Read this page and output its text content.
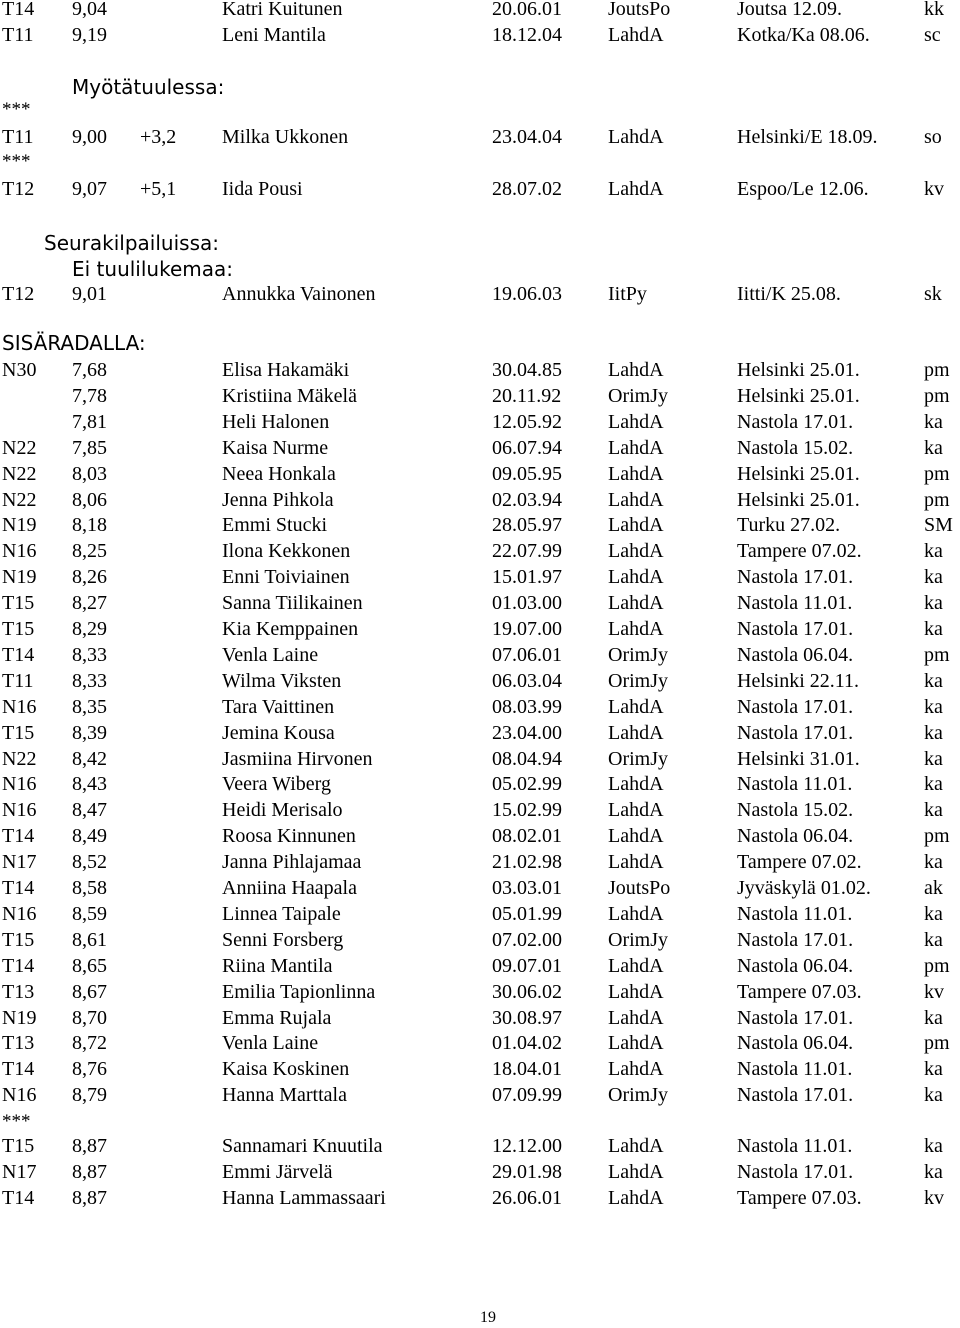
T14 9,04	Katri Kuitunen	20.06.01 JoutsPo	Joutsa 12.09.	kk
T11 9,19	Leni Mantila	18.12.04 LahdA	Kotka/Ka 08.06.	sc
Myötätuulessa:
***
T11 9,00 +3,2 Milka Ukkonen	23.04.04 LahdA	Helsinki/E 18.09. so
***
T12 9,07 +5,1 Iida Pousi	28.07.02 LahdA	Espoo/Le 12.06.	kv
Seurakilpailuissa:
Ei tuulilukemaa:
T12 9,01	Annukka Vainonen	19.06.03 IitPy	Iitti/K 25.08.	sk
SISÄRADALLA:
N30 7,68	Elisa Hakamäki	30.04.85 LahdA	Helsinki 25.01.	pm
7,78	Kristiina Mäkelä	20.11.92 OrimJy	Helsinki 25.01.	pm
7,81	Heli Halonen	12.05.92 LahdA	Nastola 17.01.	ka
N22 7,85	Kaisa Nurme	06.07.94 LahdA	Nastola 15.02.	ka
N22 8,03	Neea Honkala	09.05.95 LahdA	Helsinki 25.01.	pm
N22 8,06	Jenna Pihkola	02.03.94 LahdA	Helsinki 25.01.	pm
N19 8,18	Emmi Stucki	28.05.97 LahdA	Turku 27.02.	SM
N16 8,25	Ilona Kekkonen	22.07.99 LahdA	Tampere 07.02.	ka
N19 8,26	Enni Toiviainen	15.01.97 LahdA	Nastola 17.01.	ka
T15 8,27	Sanna Tiilikainen	01.03.00 LahdA	Nastola 11.01.	ka
T15 8,29	Kia Kemppainen	19.07.00 LahdA	Nastola 17.01.	ka
T14 8,33	Venla Laine	07.06.01 OrimJy	Nastola 06.04.	pm
T11 8,33	Wilma Viksten	06.03.04 OrimJy	Helsinki 22.11.	ka
N16 8,35	Tara Vaittinen	08.03.99 LahdA	Nastola 17.01.	ka
T15 8,39	Jemina Kousa	23.04.00 LahdA	Nastola 17.01.	ka
N22 8,42	Jasmiina Hirvonen	08.04.94 OrimJy	Helsinki 31.01.	ka
N16 8,43	Veera Wiberg	05.02.99 LahdA	Nastola 11.01.	ka
N16 8,47	Heidi Merisalo	15.02.99 LahdA	Nastola 15.02.	ka
T14 8,49	Roosa Kinnunen	08.02.01 LahdA	Nastola 06.04.	pm
N17 8,52	Janna Pihlajamaa	21.02.98 LahdA	Tampere 07.02.	ka
T14 8,58	Anniina Haapala	03.03.01 JoutsPo	Jyväskylä 01.02.	ak
N16 8,59	Linnea Taipale	05.01.99 LahdA	Nastola 11.01.	ka
T15 8,61	Senni Forsberg	07.02.00 OrimJy	Nastola 17.01.	ka
T14 8,65	Riina Mantila	09.07.01 LahdA	Nastola 06.04.	pm
T13 8,67	Emilia Tapionlinna	30.06.02 LahdA	Tampere 07.03.	kv
N19 8,70	Emma Rujala	30.08.97 LahdA	Nastola 17.01.	ka
T13 8,72	Venla Laine	01.04.02 LahdA	Nastola 06.04.	pm
T14 8,76	Kaisa Koskinen	18.04.01 LahdA	Nastola 11.01.	ka
N16 8,79	Hanna Marttala	07.09.99 OrimJy	Nastola 17.01.	ka
***
T15 8,87	Sannamari Knuutila	12.12.00 LahdA	Nastola 11.01.	ka
N17 8,87	Emmi Järvelä	29.01.98 LahdA	Nastola 17.01.	ka
T14 8,87	Hanna Lammassaari	26.06.01 LahdA	Tampere 07.03.	kv
19
